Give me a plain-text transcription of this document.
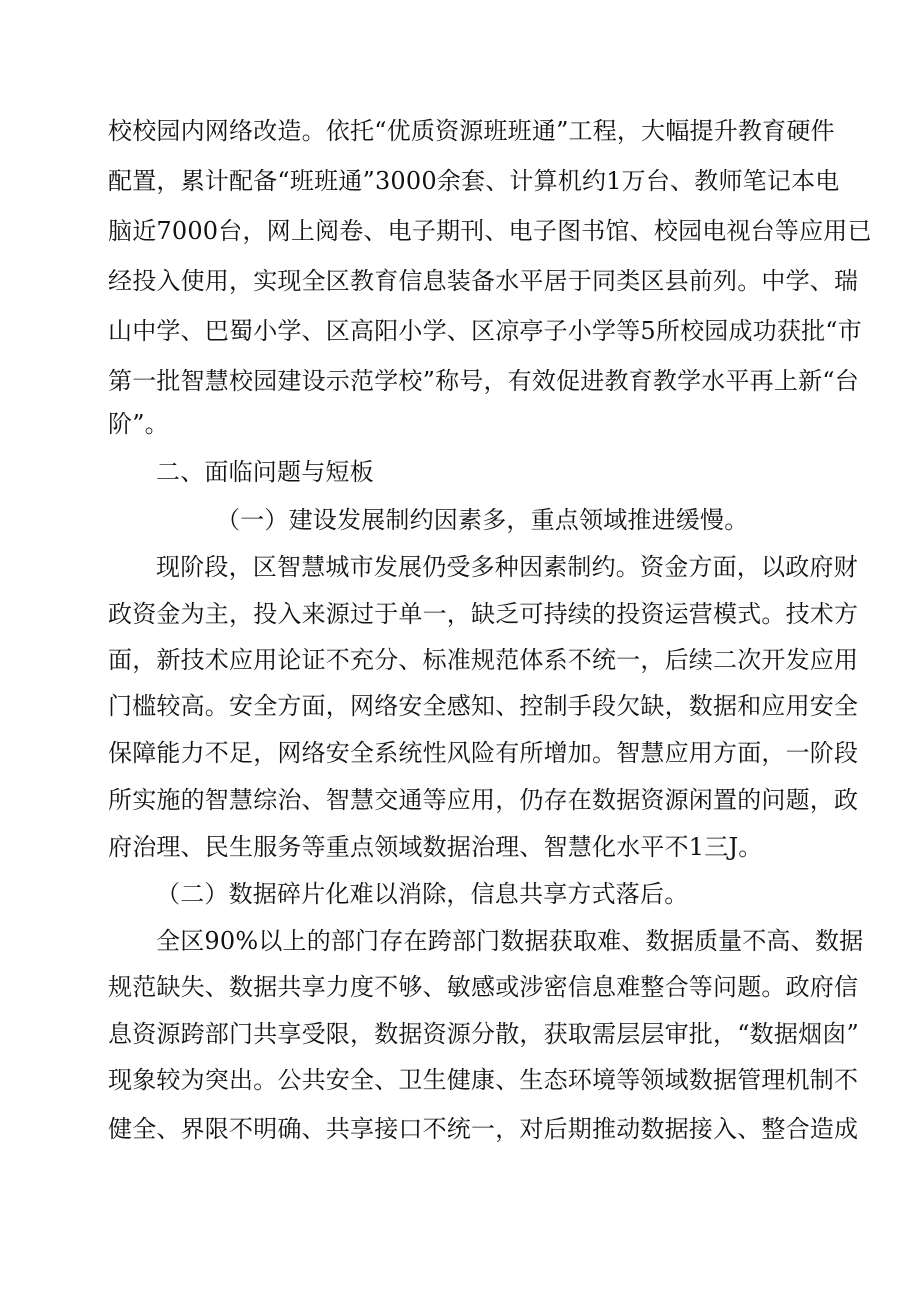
校校园内网络改造。依托“优质资源班班通”工程，大幅提升教育硬件
配置，累计配备“班班通”3000余套、计算机约1万台、教师笔记本电
脑近7000台，网上阅卷、电子期刊、电子图书馆、校园电视台等应用已
经投入使用，实现全区教育信息装备水平居于同类区县前列。中学、瑞
山中学、巴蜀小学、区高阳小学、区凉亭子小学等5所校园成功获批“市
第一批智慧校园建设示范学校”称号，有效促进教育教学水平再上新“台
阶”。
二、面临问题与短板
（一）建设发展制约因素多，重点领域推进缓慢。
现阶段，区智慧城市发展仍受多种因素制约。资金方面，以政府财
政资金为主，投入来源过于单一，缺乏可持续的投资运营模式。技术方
面，新技术应用论证不充分、标准规范体系不统一，后续二次开发应用
门槛较高。安全方面，网络安全感知、控制手段欠缺，数据和应用安全
保障能力不足，网络安全系统性风险有所增加。智慧应用方面，一阶段
所实施的智慧综治、智慧交通等应用，仍存在数据资源闲置的问题，政
府治理、民生服务等重点领域数据治理、智慧化水平不1三J。
（二）数据碎片化难以消除，信息共享方式落后。
全区90%以上的部门存在跨部门数据获取难、数据质量不高、数据
规范缺失、数据共享力度不够、敏感或涉密信息难整合等问题。政府信
息资源跨部门共享受限，数据资源分散，获取需层层审批，“数据烟囱”
现象较为突出。公共安全、卫生健康、生态环境等领域数据管理机制不
健全、界限不明确、共享接口不统一，对后期推动数据接入、整合造成
